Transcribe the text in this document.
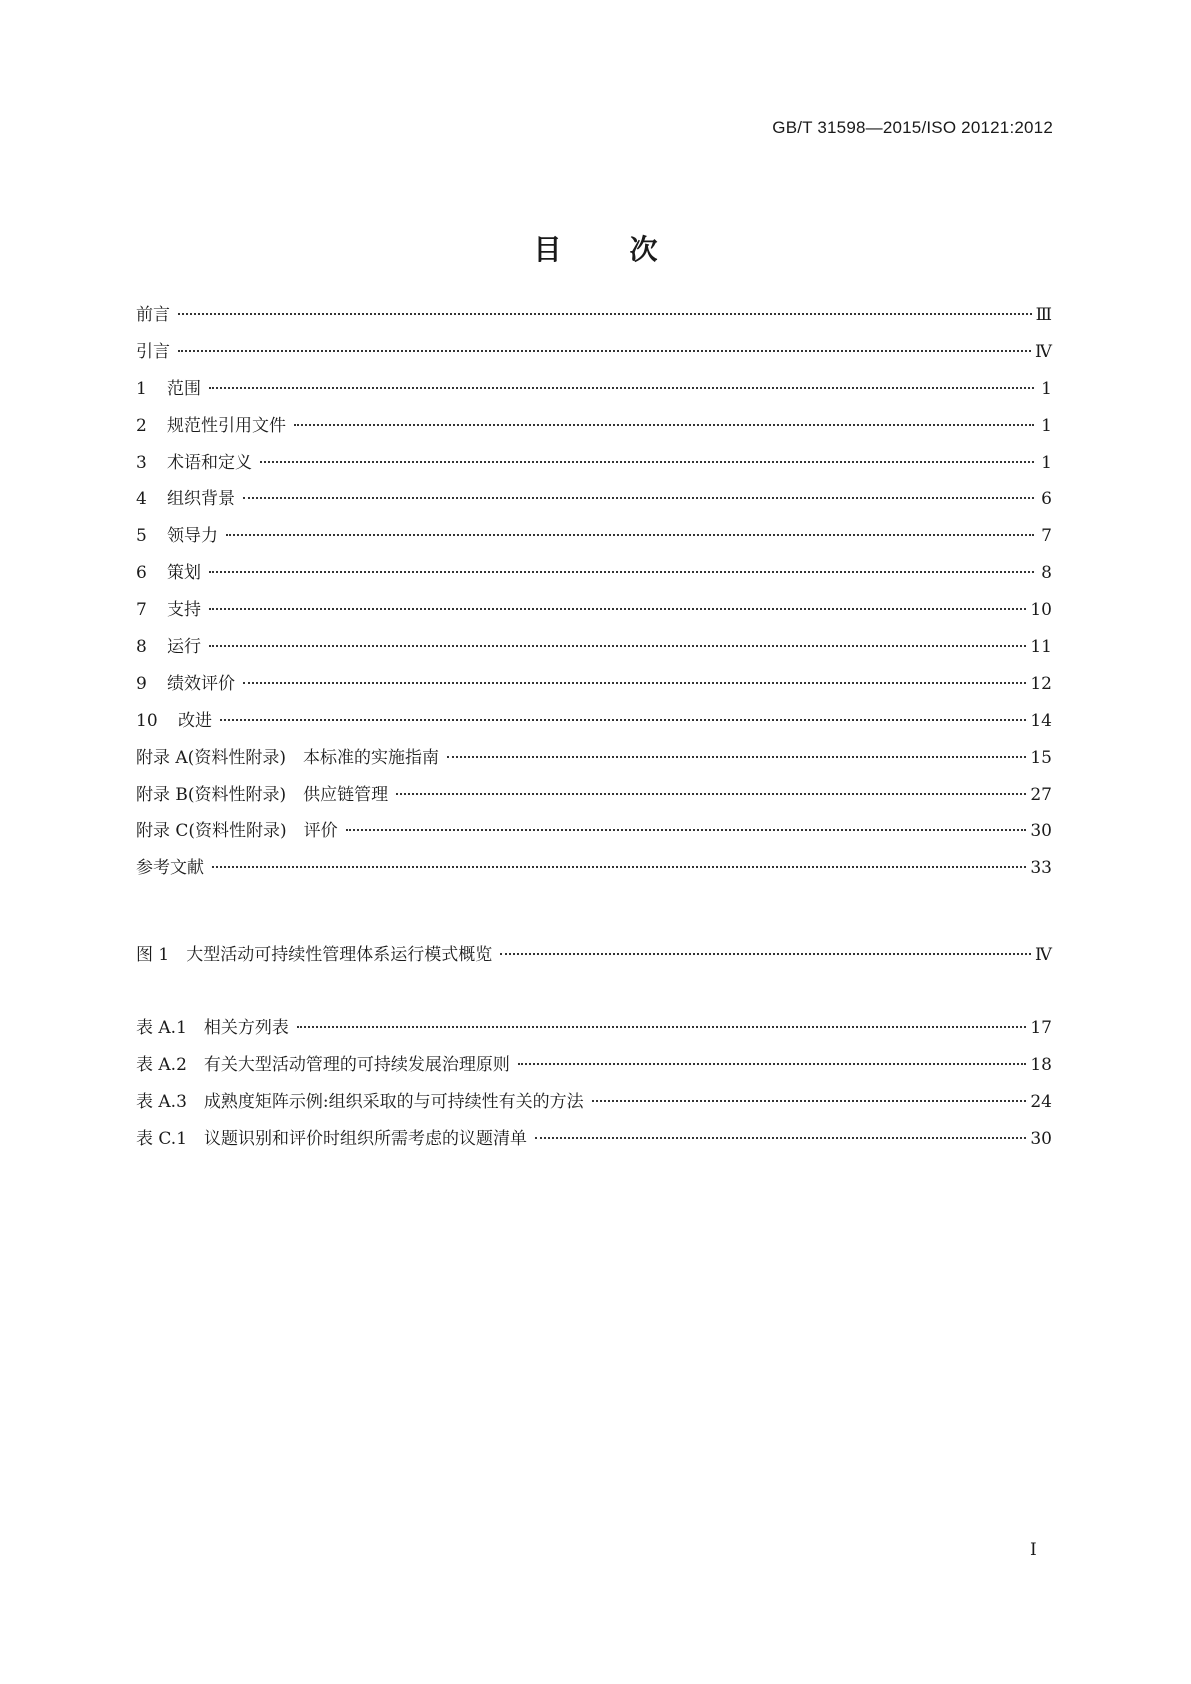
GB/T 31598—2015/ISO 20121:2012
目次
前言	Ⅲ
引言	Ⅳ
1	范围	1
2	规范性引用文件	1
3	术语和定义	1
4	组织背景	6
5	领导力	7
6	策划	8
7	支持	10
8	运行	11
9	绩效评价	12
10	改进	14
附录 A(资料性附录)　本标准的实施指南	15
附录 B(资料性附录)　供应链管理	27
附录 C(资料性附录)　评价	30
参考文献	33
图 1　大型活动可持续性管理体系运行模式概览	Ⅳ
表 A.1　相关方列表	17
表 A.2　有关大型活动管理的可持续发展治理原则	18
表 A.3　成熟度矩阵示例:组织采取的与可持续性有关的方法	24
表 C.1　议题识别和评价时组织所需考虑的议题清单	30
I
